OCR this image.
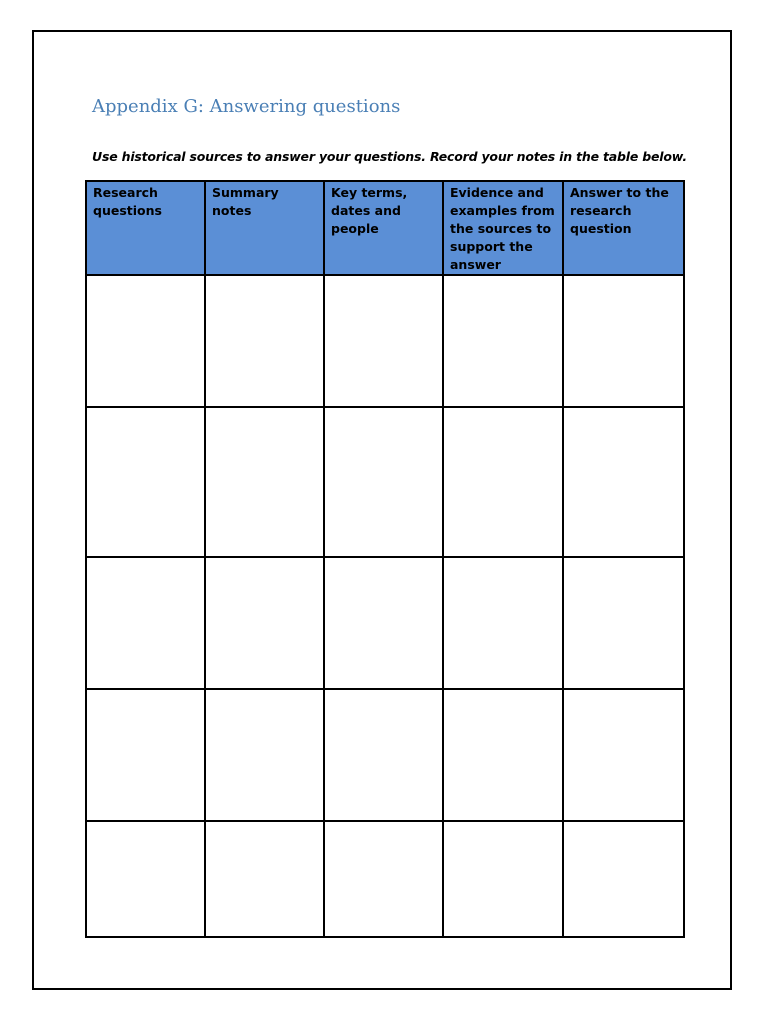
Appendix G: Answering questions

Use historical sources to answer your questions. Record your notes in the table below.

Research questions	Summary notes	Key terms, dates and people	Evidence and examples from the sources to support the answer	Answer to the research question
